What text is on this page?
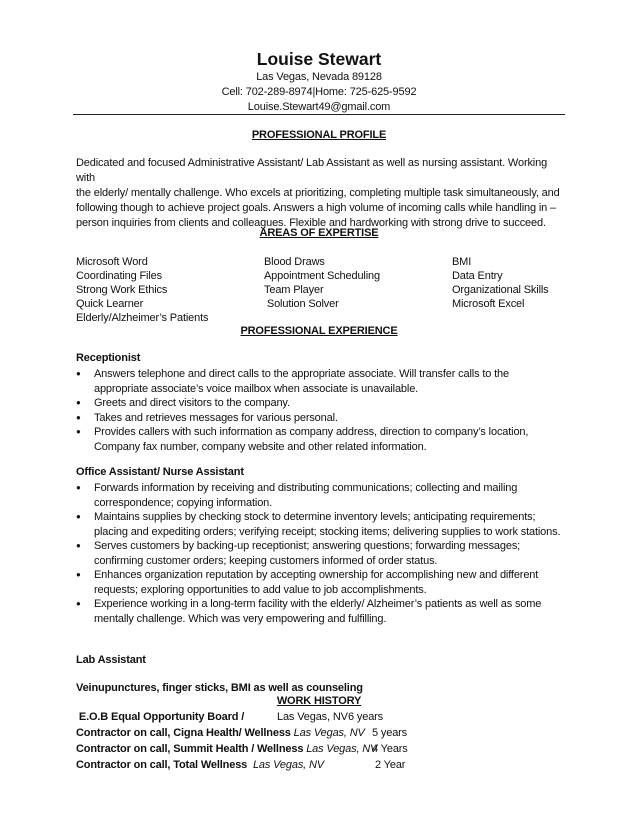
Louise Stewart
Las Vegas, Nevada 89128
Cell: 702-289-8974|Home: 725-625-9592
Louise.Stewart49@gmail.com
PROFESSIONAL PROFILE
Dedicated and focused Administrative Assistant/ Lab Assistant as well as nursing assistant. Working with
the elderly/ mentally challenge. Who excels at prioritizing, completing multiple task simultaneously, and
following though to achieve project goals. Answers a high volume of incoming calls while handling in –
person inquiries from clients and colleagues. Flexible and hardworking with strong drive to succeed.
AREAS OF EXPERTISE
Microsoft Word
Coordinating Files
Strong Work Ethics
Quick Learner
Elderly/Alzheimer’s Patients
Blood Draws
Appointment Scheduling
Team Player
Solution Solver
BMI
Data Entry
Organizational Skills
Microsoft Excel
PROFESSIONAL EXPERIENCE
Receptionist
● Answers telephone and direct calls to the appropriate associate. Will transfer calls to the
appropriate associate’s voice mailbox when associate is unavailable.
● Greets and direct visitors to the company.
● Takes and retrieves messages for various personal.
● Provides callers with such information as company address, direction to company’s location,
Company fax number, company website and other related information.
Office Assistant/ Nurse Assistant
● Forwards information by receiving and distributing communications; collecting and mailing
correspondence; copying information.
● Maintains supplies by checking stock to determine inventory levels; anticipating requirements;
placing and expediting orders; verifying receipt; stocking items; delivering supplies to work stations.
● Serves customers by backing-up receptionist; answering questions; forwarding messages;
confirming customer orders; keeping customers informed of order status.
● Enhances organization reputation by accepting ownership for accomplishing new and different
requests; exploring opportunities to add value to job accomplishments.
● Experience working in a long-term facility with the elderly/ Alzheimer’s patients as well as some
mentally challenge. Which was very empowering and fulfilling.
Lab Assistant
Veinupunctures, finger sticks, BMI as well as counseling
WORK HISTORY
E.O.B Equal Opportunity Board /	Las Vegas, NV 6 years
Contractor on call, Cigna Health/ Wellness Las Vegas, NV 5 years
Contractor on call, Summit Health / Wellness Las Vegas, NV
4 Years
Contractor on call, Total Wellness Las Vegas, NV	2 Year
